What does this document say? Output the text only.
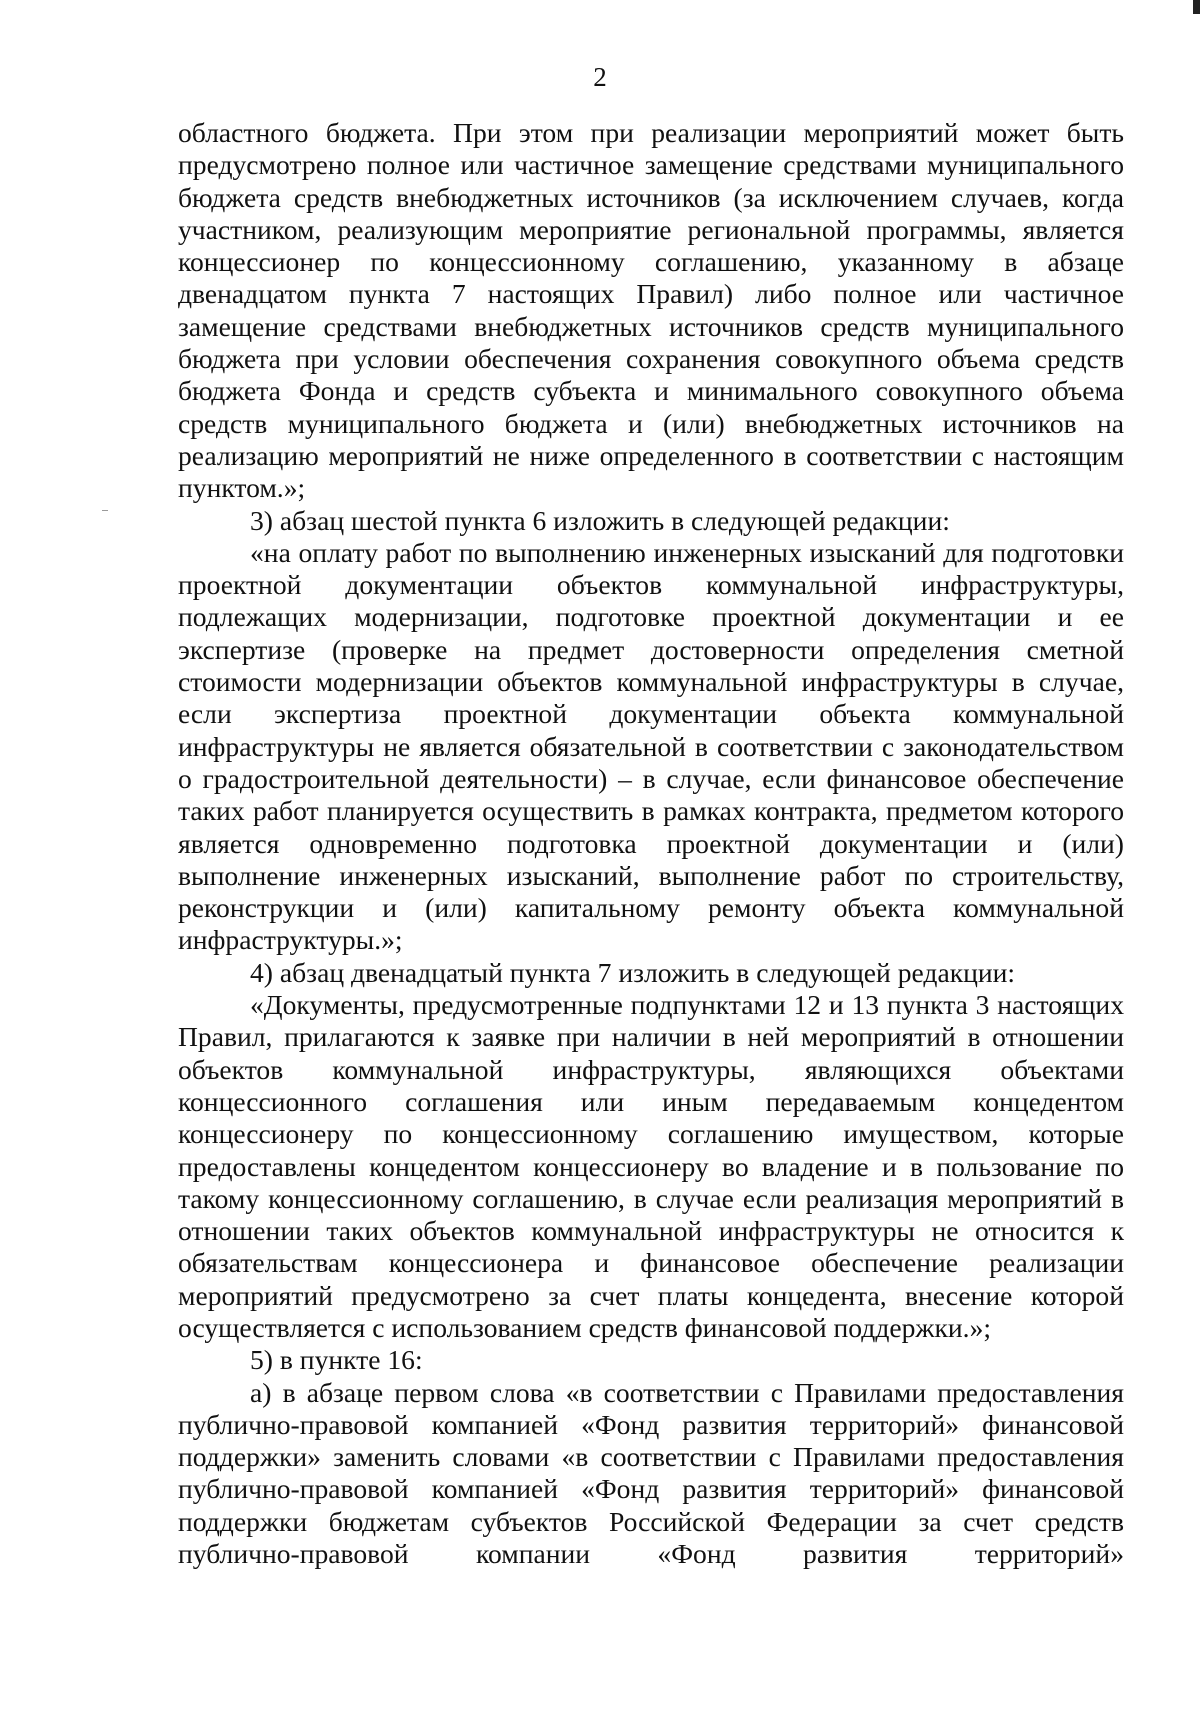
2

областного бюджета. При этом при реализации мероприятий может быть предусмотрено полное или частичное замещение средствами муниципального бюджета средств внебюджетных источников (за исключением случаев, когда участником, реализующим мероприятие региональной программы, является концессионер по концессионному соглашению, указанному в абзаце двенадцатом пункта 7 настоящих Правил) либо полное или частичное замещение средствами внебюджетных источников средств муниципального бюджета при условии обеспечения сохранения совокупного объема средств бюджета Фонда и средств субъекта и минимального совокупного объема средств муниципального бюджета и (или) внебюджетных источников на реализацию мероприятий не ниже определенного в соответствии с настоящим пунктом.»;

3) абзац шестой пункта 6 изложить в следующей редакции:

«на оплату работ по выполнению инженерных изысканий для подготовки проектной документации объектов коммунальной инфраструктуры, подлежащих модернизации, подготовке проектной документации и ее экспертизе (проверке на предмет достоверности определения сметной стоимости модернизации объектов коммунальной инфраструктуры в случае, если экспертиза проектной документации объекта коммунальной инфраструктуры не является обязательной в соответствии с законодательством о градостроительной деятельности) – в случае, если финансовое обеспечение таких работ планируется осуществить в рамках контракта, предметом которого является одновременно подготовка проектной документации и (или) выполнение инженерных изысканий, выполнение работ по строительству, реконструкции и (или) капитальному ремонту объекта коммунальной инфраструктуры.»;

4) абзац двенадцатый пункта 7 изложить в следующей редакции:

«Документы, предусмотренные подпунктами 12 и 13 пункта 3 настоящих Правил, прилагаются к заявке при наличии в ней мероприятий в отношении объектов коммунальной инфраструктуры, являющихся объектами концессионного соглашения или иным передаваемым концедентом концессионеру по концессионному соглашению имуществом, которые предоставлены концедентом концессионеру во владение и в пользование по такому концессионному соглашению, в случае если реализация мероприятий в отношении таких объектов коммунальной инфраструктуры не относится к обязательствам концессионера и финансовое обеспечение реализации мероприятий предусмотрено за счет платы концедента, внесение которой осуществляется с использованием средств финансовой поддержки.»;

5) в пункте 16:

а) в абзаце первом слова «в соответствии с Правилами предоставления публично-правовой компанией «Фонд развития территорий» финансовой поддержки» заменить словами «в соответствии с Правилами предоставления публично-правовой компанией «Фонд развития территорий» финансовой поддержки бюджетам субъектов Российской Федерации за счет средств публично-правовой компании «Фонд развития территорий»
